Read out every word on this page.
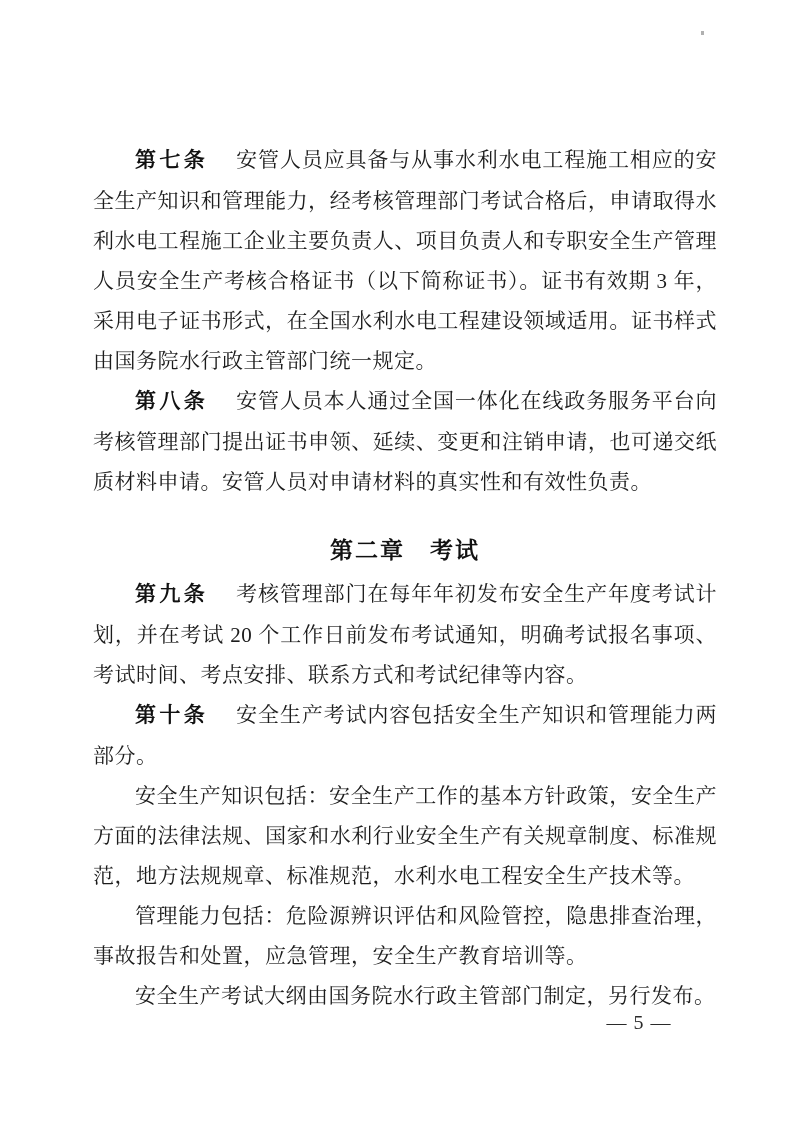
第七条 安管人员应具备与从事水利水电工程施工相应的安全生产知识和管理能力，经考核管理部门考试合格后，申请取得水利水电工程施工企业主要负责人、项目负责人和专职安全生产管理人员安全生产考核合格证书（以下简称证书）。证书有效期 3 年，采用电子证书形式，在全国水利水电工程建设领域适用。证书样式由国务院水行政主管部门统一规定。

第八条 安管人员本人通过全国一体化在线政务服务平台向考核管理部门提出证书申领、延续、变更和注销申请，也可递交纸质材料申请。安管人员对申请材料的真实性和有效性负责。

第二章　考试

第九条 考核管理部门在每年年初发布安全生产年度考试计划，并在考试 20 个工作日前发布考试通知，明确考试报名事项、考试时间、考点安排、联系方式和考试纪律等内容。

第十条 安全生产考试内容包括安全生产知识和管理能力两部分。

安全生产知识包括：安全生产工作的基本方针政策，安全生产方面的法律法规、国家和水利行业安全生产有关规章制度、标准规范，地方法规规章、标准规范，水利水电工程安全生产技术等。

管理能力包括：危险源辨识评估和风险管控，隐患排查治理，事故报告和处置，应急管理，安全生产教育培训等。

安全生产考试大纲由国务院水行政主管部门制定，另行发布。

— 5 —
